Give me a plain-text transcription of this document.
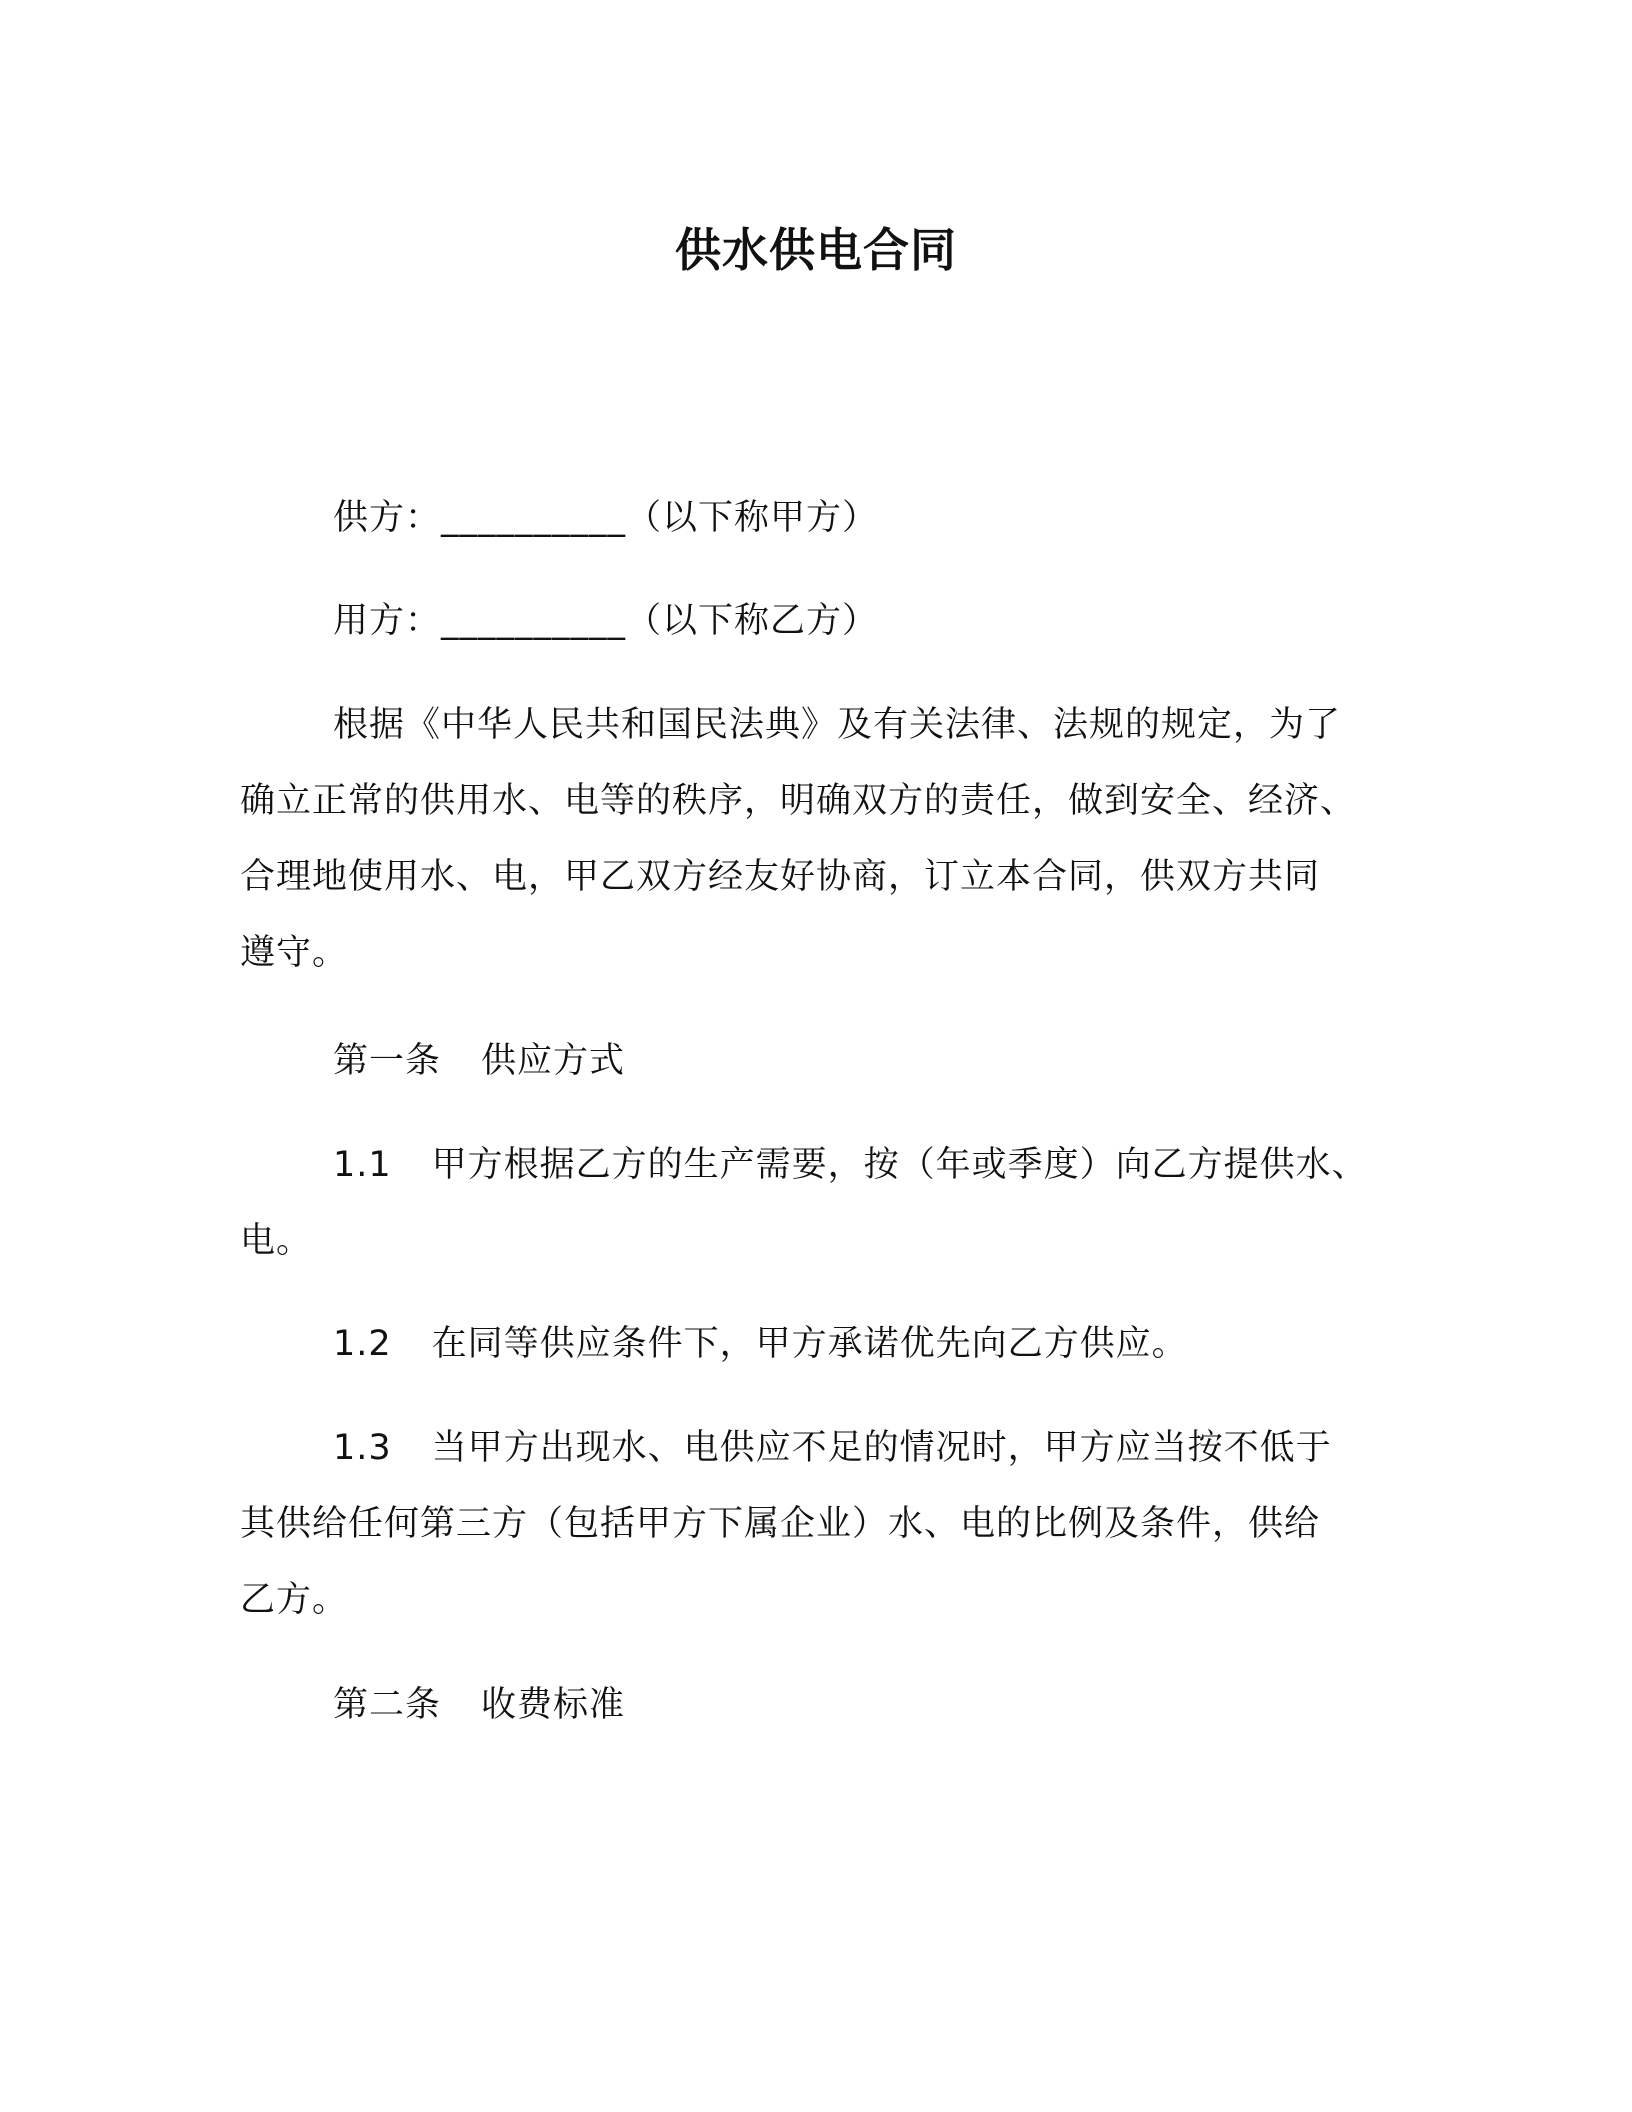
供水供电合同
供方：__________（以下称甲方）
用方：__________（以下称乙方）
根据《中华人民共和国民法典》及有关法律、法规的规定，为了
确立正常的供用水、电等的秩序，明确双方的责任，做到安全、经济、
合理地使用水、电，甲乙双方经友好协商，订立本合同，供双方共同
遵守。
第一条 供应方式
1.1 甲方根据乙方的生产需要，按（年或季度）向乙方提供水、
电。
1.2 在同等供应条件下，甲方承诺优先向乙方供应。
1.3 当甲方出现水、电供应不足的情况时，甲方应当按不低于
其供给任何第三方（包括甲方下属企业）水、电的比例及条件，供给
乙方。
第二条 收费标准
